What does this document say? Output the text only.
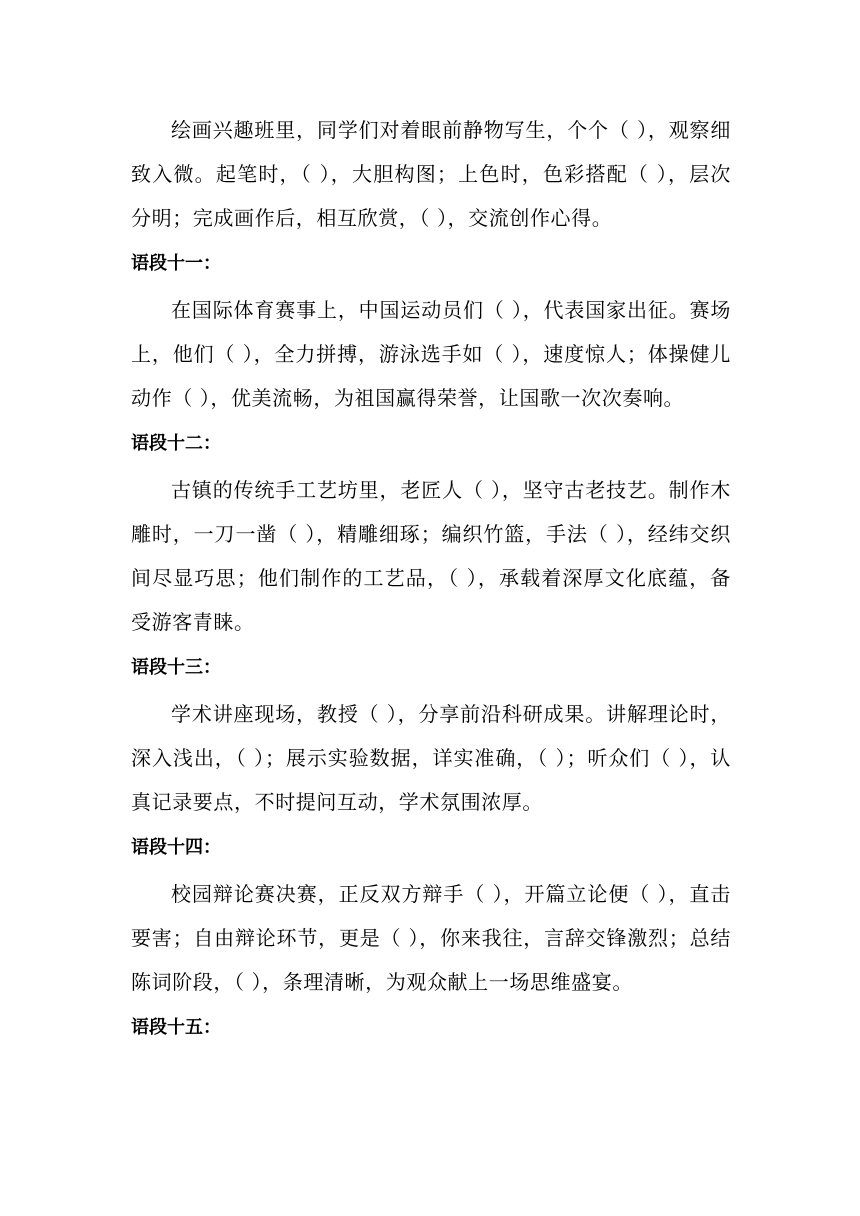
绘画兴趣班里，同学们对着眼前静物写生，个个（ ），观察细致入微。起笔时，（ ），大胆构图；上色时，色彩搭配（ ），层次分明；完成画作后，相互欣赏，（ ），交流创作心得。

语段十一：

在国际体育赛事上，中国运动员们（ ），代表国家出征。赛场上，他们（ ），全力拼搏，游泳选手如（ ），速度惊人；体操健儿动作（ ），优美流畅，为祖国赢得荣誉，让国歌一次次奏响。

语段十二：

古镇的传统手工艺坊里，老匠人（ ），坚守古老技艺。制作木雕时，一刀一凿（ ），精雕细琢；编织竹篮，手法（ ），经纬交织间尽显巧思；他们制作的工艺品，（ ），承载着深厚文化底蕴，备受游客青睐。

语段十三：

学术讲座现场，教授（ ），分享前沿科研成果。讲解理论时，深入浅出，（ ）；展示实验数据，详实准确，（ ）；听众们（ ），认真记录要点，不时提问互动，学术氛围浓厚。

语段十四：

校园辩论赛决赛，正反双方辩手（ ），开篇立论便（ ），直击要害；自由辩论环节，更是（ ），你来我往，言辞交锋激烈；总结陈词阶段，（ ），条理清晰，为观众献上一场思维盛宴。

语段十五：
